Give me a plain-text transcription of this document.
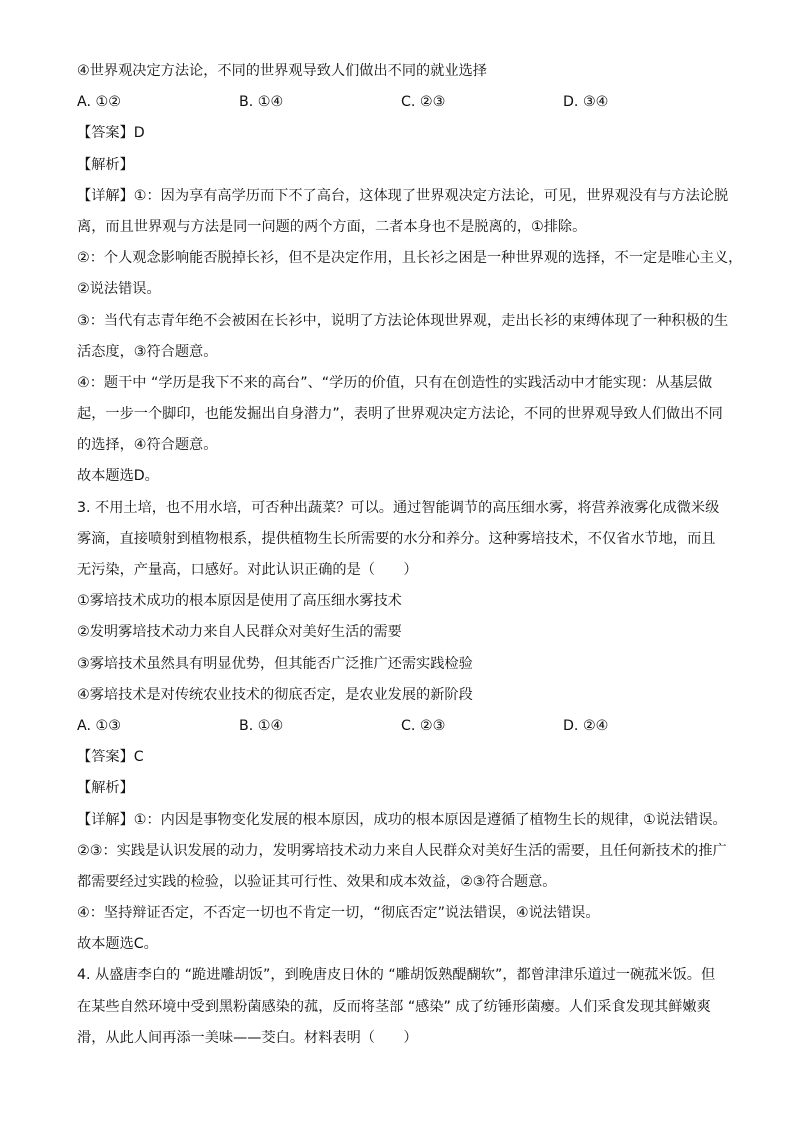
④世界观决定方法论，不同的世界观导致人们做出不同的就业选择
A. ①②	B. ①④	C. ②③	D. ③④
【答案】D
【解析】
【详解】①：因为享有高学历而下不了高台，这体现了世界观决定方法论，可见，世界观没有与方法论脱
离，而且世界观与方法是同一问题的两个方面，二者本身也不是脱离的，①排除。
②：个人观念影响能否脱掉长衫，但不是决定作用，且长衫之困是一种世界观的选择，不一定是唯心主义，
②说法错误。
③：当代有志青年绝不会被困在长衫中，说明了方法论体现世界观，走出长衫的束缚体现了一种积极的生
活态度，③符合题意。
④：题干中 “学历是我下不来的高台”、“学历的价值，只有在创造性的实践活动中才能实现：从基层做
起，一步一个脚印，也能发掘出自身潜力”，表明了世界观决定方法论，不同的世界观导致人们做出不同
的选择，④符合题意。
故本题选D。
3. 不用土培，也不用水培，可否种出蔬菜？可以。通过智能调节的高压细水雾，将营养液雾化成微米级
雾滴，直接喷射到植物根系，提供植物生长所需要的水分和养分。这种雾培技术，不仅省水节地，而且
无污染，产量高，口感好。对此认识正确的是（　　）
①雾培技术成功的根本原因是使用了高压细水雾技术
②发明雾培技术动力来自人民群众对美好生活的需要
③雾培技术虽然具有明显优势，但其能否广泛推广还需实践检验
④雾培技术是对传统农业技术的彻底否定，是农业发展的新阶段
A. ①③	B. ①④	C. ②③	D. ②④
【答案】C
【解析】
【详解】①：内因是事物变化发展的根本原因，成功的根本原因是遵循了植物生长的规律，①说法错误。
②③：实践是认识发展的动力，发明雾培技术动力来自人民群众对美好生活的需要，且任何新技术的推广
都需要经过实践的检验，以验证其可行性、效果和成本效益，②③符合题意。
④：坚持辩证否定，不否定一切也不肯定一切，“彻底否定”说法错误，④说法错误。
故本题选C。
4. 从盛唐李白的 “跪进雕胡饭”，到晚唐皮日休的 “雕胡饭熟醍醐软”，都曾津津乐道过一碗菰米饭。但
在某些自然环境中受到黑粉菌感染的菰，反而将茎部 “感染” 成了纺锤形菌瘿。人们采食发现其鲜嫩爽
滑，从此人间再添一美味——茭白。材料表明（　　）
